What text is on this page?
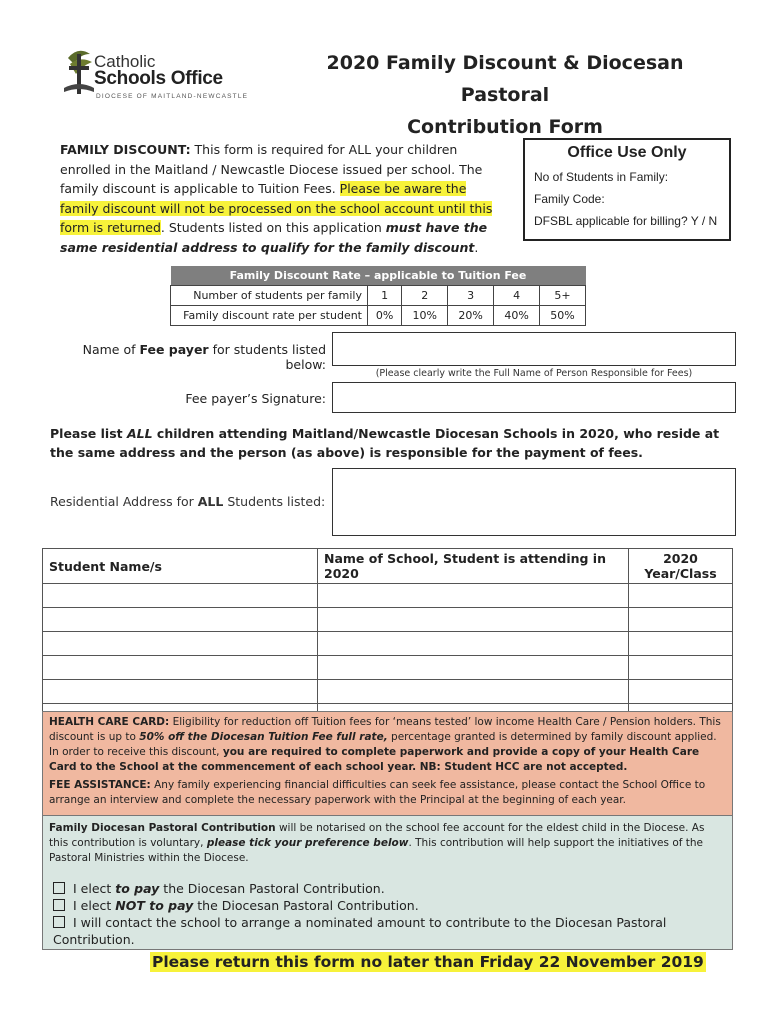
Catholic
Schools Office
DIOCESE OF MAITLAND-NEWCASTLE
2020 Family Discount & Diocesan Pastoral
Contribution Form
FAMILY DISCOUNT: This form is required for ALL your children enrolled in the Maitland / Newcastle Diocese issued per school. The family discount is applicable to Tuition Fees. Please be aware the family discount will not be processed on the school account until this form is returned. Students listed on this application must have the same residential address to qualify for the family discount.
Office Use Only
No of Students in Family:
Family Code:
DFSBL applicable for billing? Y / N
Family Discount Rate – applicable to Tuition Fee					
Number of students per family	1	2	3	4	5+
Family discount rate per student	0%	10%	20%	40%	50%
Name of Fee payer for students listed below:
(Please clearly write the Full Name of Person Responsible for Fees)
Fee payer’s Signature:
Please list ALL children attending Maitland/Newcastle Diocesan Schools in 2020, who reside at the same address and the person (as above) is responsible for the payment of fees.
Residential Address for ALL Students listed:
Student Name/s	Name of School, Student is attending in 2020	2020
Year/Class

HEALTH CARE CARD: Eligibility for reduction off Tuition fees for ‘means tested’ low income Health Care / Pension holders. This discount is up to 50% off the Diocesan Tuition Fee full rate, percentage granted is determined by family discount applied.
In order to receive this discount, you are required to complete paperwork and provide a copy of your Health Care Card to the School at the commencement of each school year. NB: Student HCC are not accepted.
FEE ASSISTANCE: Any family experiencing financial difficulties can seek fee assistance, please contact the School Office to arrange an interview and complete the necessary paperwork with the Principal at the beginning of each year.
Family Diocesan Pastoral Contribution will be notarised on the school fee account for the eldest child in the Diocese. As this contribution is voluntary, please tick your preference below. This contribution will help support the initiatives of the Pastoral Ministries within the Diocese.
I elect to pay the Diocesan Pastoral Contribution.
I elect NOT to pay the Diocesan Pastoral Contribution.
I will contact the school to arrange a nominated amount to contribute to the Diocesan Pastoral Contribution.
Please return this form no later than Friday 22 November 2019
